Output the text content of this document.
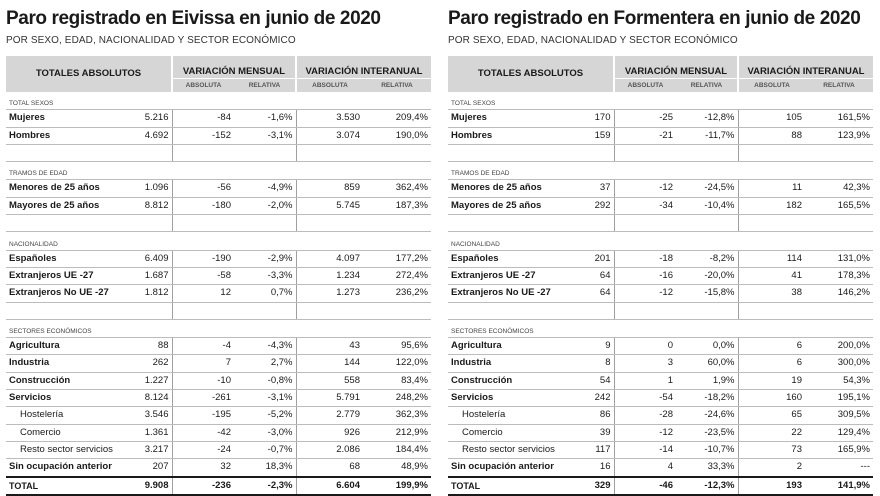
Paro registrado en Eivissa en junio de 2020
POR SEXO, EDAD, NACIONALIDAD Y SECTOR ECONÓMICO
TOTALES ABSOLUTOS		VARIACIÓN MENSUAL		VARIACIÓN INTERANUAL	
		ABSOLUTA	RELATIVA	ABSOLUTA	RELATIVA
TOTAL SEXOS					
Mujeres	5.216	-84	-1,6%	3.530	209,4%
Hombres	4.692	-152	-3,1%	3.074	190,0%

TRAMOS DE EDAD					
Menores de 25 años	1.096	-56	-4,9%	859	362,4%
Mayores de 25 años	8.812	-180	-2,0%	5.745	187,3%

NACIONALIDAD					
Españoles	6.409	-190	-2,9%	4.097	177,2%
Extranjeros UE -27	1.687	-58	-3,3%	1.234	272,4%
Extranjeros No UE -27	1.812	12	0,7%	1.273	236,2%

SECTORES ECONÓMICOS					
Agricultura	88	-4	-4,3%	43	95,6%
Industria	262	7	2,7%	144	122,0%
Construcción	1.227	-10	-0,8%	558	83,4%
Servicios	8.124	-261	-3,1%	5.791	248,2%
Hostelería	3.546	-195	-5,2%	2.779	362,3%
Comercio	1.361	-42	-3,0%	926	212,9%
Resto sector servicios	3.217	-24	-0,7%	2.086	184,4%
Sin ocupación anterior	207	32	18,3%	68	48,9%
TOTAL	9.908	-236	-2,3%	6.604	199,9%
Paro registrado en Formentera en junio de 2020
POR SEXO, EDAD, NACIONALIDAD Y SECTOR ECONÓMICO
TOTALES ABSOLUTOS		VARIACIÓN MENSUAL		VARIACIÓN INTERANUAL	
		ABSOLUTA	RELATIVA	ABSOLUTA	RELATIVA
TOTAL SEXOS					
Mujeres	170	-25	-12,8%	105	161,5%
Hombres	159	-21	-11,7%	88	123,9%

TRAMOS DE EDAD					
Menores de 25 años	37	-12	-24,5%	11	42,3%
Mayores de 25 años	292	-34	-10,4%	182	165,5%

NACIONALIDAD					
Españoles	201	-18	-8,2%	114	131,0%
Extranjeros UE -27	64	-16	-20,0%	41	178,3%
Extranjeros No UE -27	64	-12	-15,8%	38	146,2%

SECTORES ECONÓMICOS					
Agricultura	9	0	0,0%	6	200,0%
Industria	8	3	60,0%	6	300,0%
Construcción	54	1	1,9%	19	54,3%
Servicios	242	-54	-18,2%	160	195,1%
Hostelería	86	-28	-24,6%	65	309,5%
Comercio	39	-12	-23,5%	22	129,4%
Resto sector servicios	117	-14	-10,7%	73	165,9%
Sin ocupación anterior	16	4	33,3%	2	---
TOTAL	329	-46	-12,3%	193	141,9%
